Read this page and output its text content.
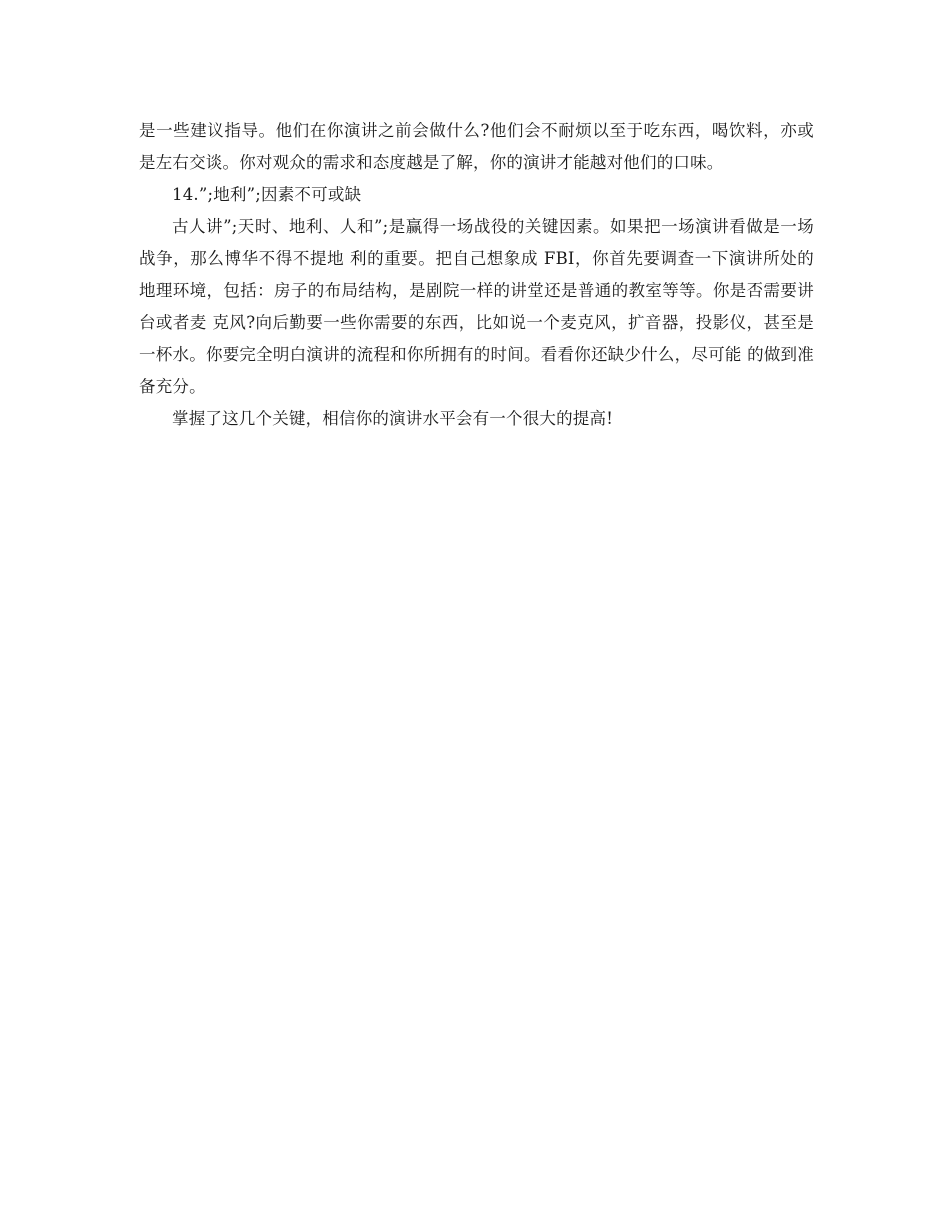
是一些建议指导。他们在你演讲之前会做什么?他们会不耐烦以至于吃东西，喝饮料，亦或是左右交谈。你对观众的需求和态度越是了解，你的演讲才能越对他们的口味。

14.”;地利”;因素不可或缺

古人讲”;天时、地利、人和”;是赢得一场战役的关键因素。如果把一场演讲看做是一场战争，那么博华不得不提地 利的重要。把自己想象成 FBI，你首先要调查一下演讲所处的地理环境，包括：房子的布局结构，是剧院一样的讲堂还是普通的教室等等。你是否需要讲台或者麦 克风?向后勤要一些你需要的东西，比如说一个麦克风，扩音器，投影仪，甚至是一杯水。你要完全明白演讲的流程和你所拥有的时间。看看你还缺少什么，尽可能 的做到准备充分。

掌握了这几个关键，相信你的演讲水平会有一个很大的提高!
